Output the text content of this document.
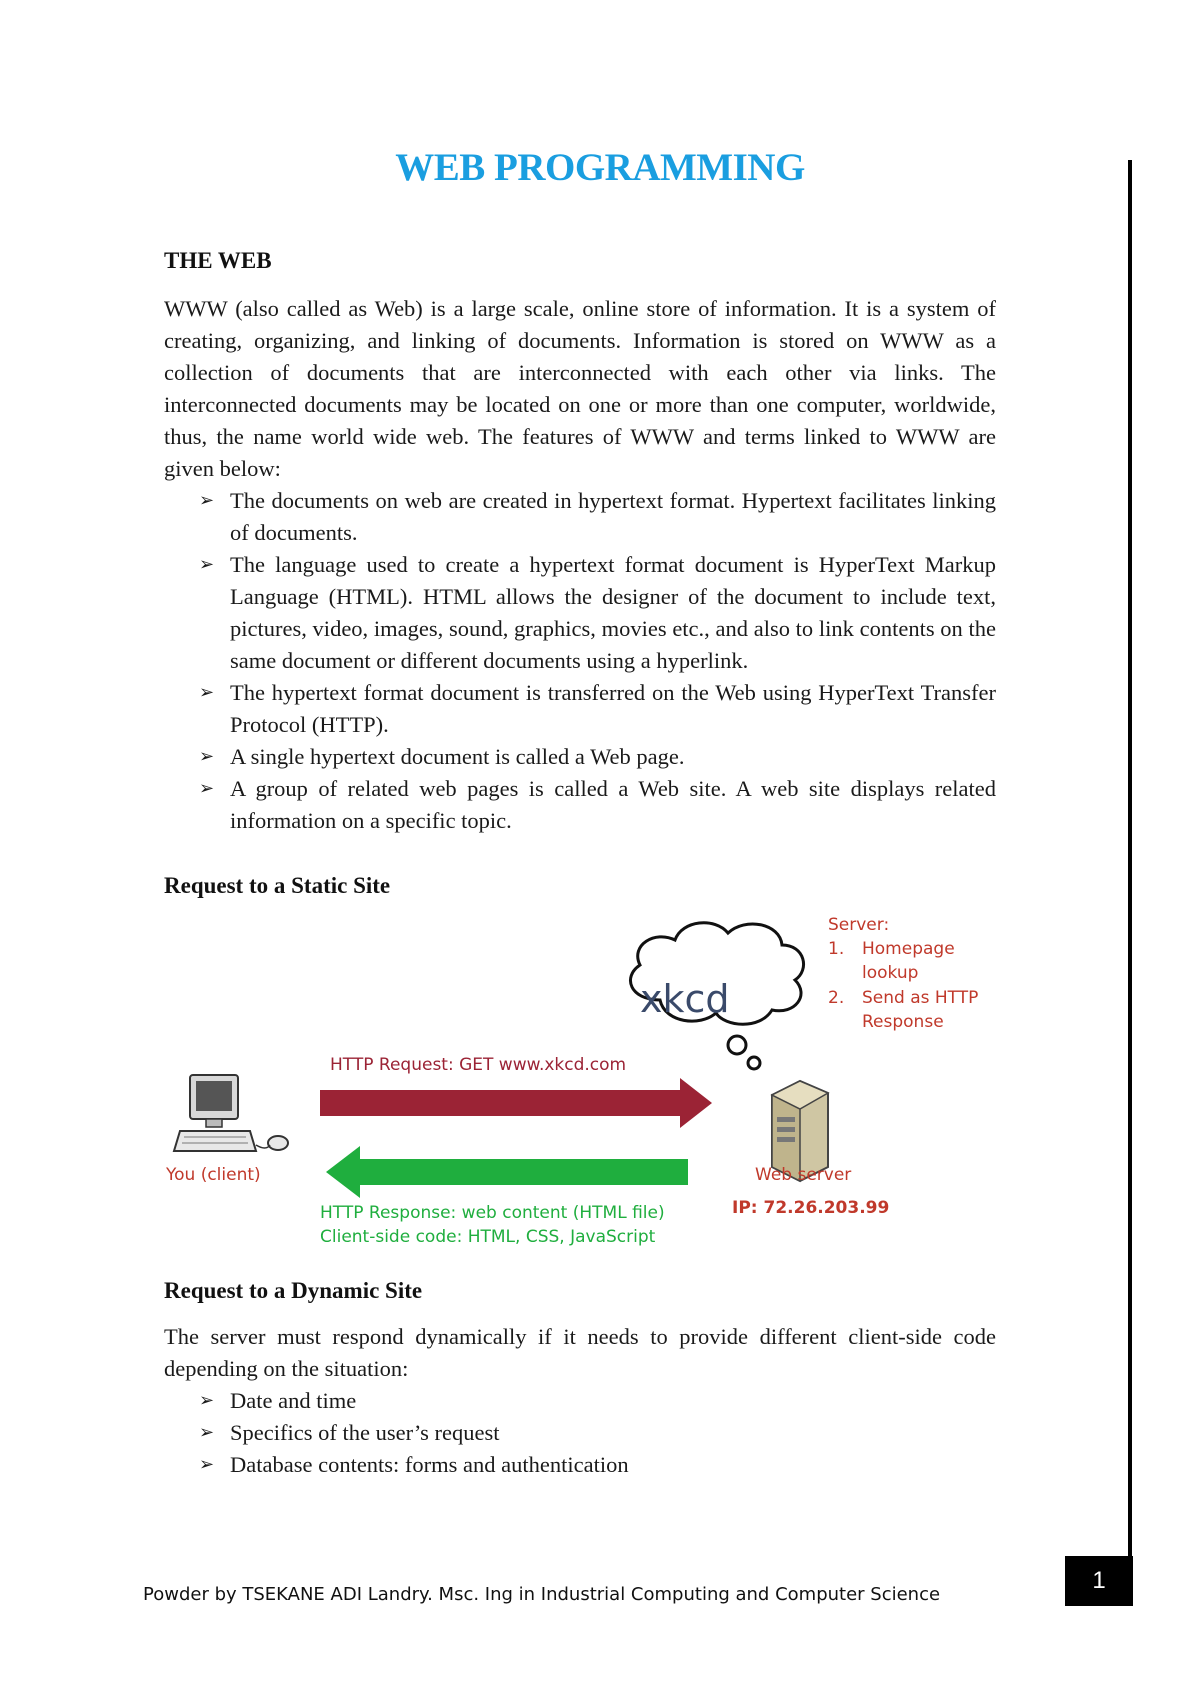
WEB PROGRAMMING
THE WEB
WWW (also called as Web) is a large scale, online store of information. It is a system of creating, organizing, and linking of documents. Information is stored on WWW as a collection of documents that are interconnected with each other via links. The interconnected documents may be located on one or more than one computer, worldwide, thus, the name world wide web. The features of WWW and terms linked to WWW are given below:
➢ The documents on web are created in hypertext format. Hypertext facilitates linking of documents.
➢ The language used to create a hypertext format document is HyperText Markup Language (HTML). HTML allows the designer of the document to include text, pictures, video, images, sound, graphics, movies etc., and also to link contents on the same document or different documents using a hyperlink.
➢ The hypertext format document is transferred on the Web using HyperText Transfer Protocol (HTTP).
➢ A single hypertext document is called a Web page.
➢ A group of related web pages is called a Web site. A web site displays related information on a specific topic.
Request to a Static Site
xkcd
Server:
1. Homepage
lookup
2. Send as HTTP
Response
HTTP Request: GET www.xkcd.com
You (client)	Web server
IP: 72.26.203.99
HTTP Response: web content (HTML file)
Client-side code: HTML, CSS, JavaScript
Request to a Dynamic Site
The server must respond dynamically if it needs to provide different client-side code depending on the situation:
➢ Date and time
➢ Specifics of the user’s request
➢ Database contents: forms and authentication
Powder by TSEKANE ADI Landry. Msc. Ing in Industrial Computing and Computer Science
1
